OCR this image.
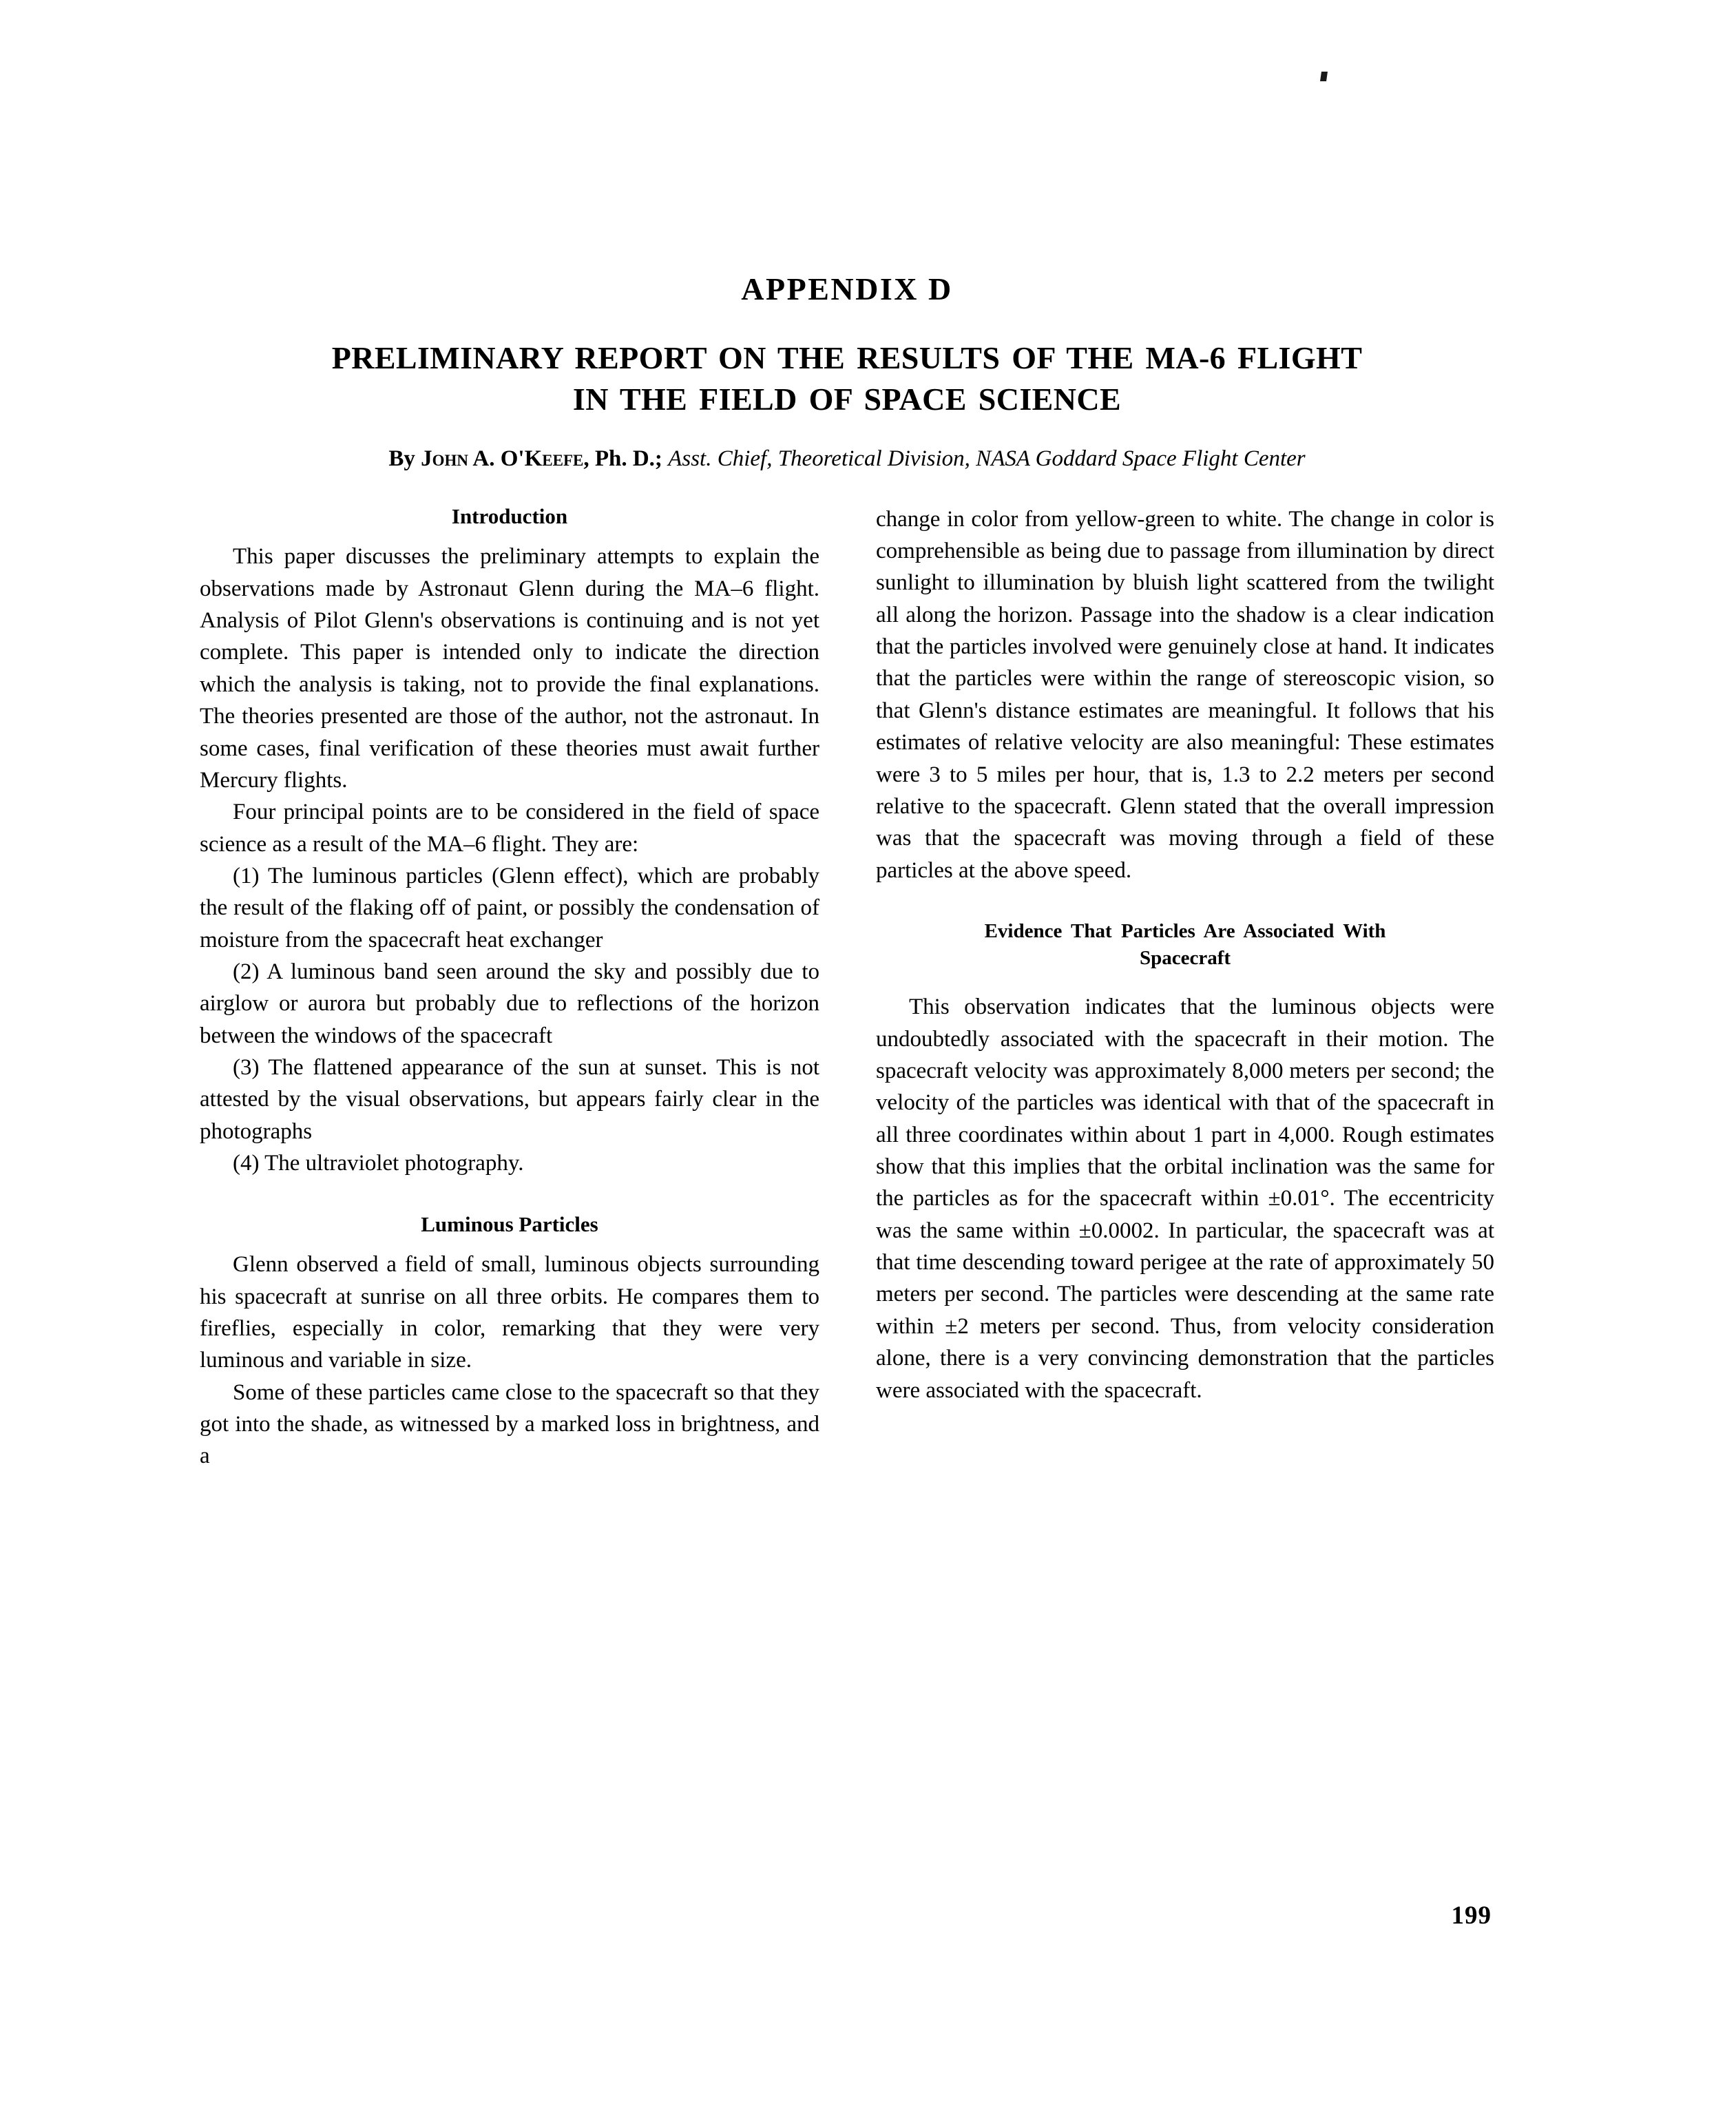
APPENDIX D
PRELIMINARY REPORT ON THE RESULTS OF THE MA-6 FLIGHT
IN THE FIELD OF SPACE SCIENCE
By John A. O'Keefe, Ph. D.; Asst. Chief, Theoretical Division, NASA Goddard Space Flight Center
Introduction

This paper discusses the preliminary attempts to explain the observations made by Astronaut Glenn during the MA–6 flight. Analysis of Pilot Glenn's observations is continuing and is not yet complete. This paper is intended only to indicate the direction which the analysis is taking, not to provide the final explanations. The theories presented are those of the author, not the astronaut. In some cases, final verification of these theories must await further Mercury flights.

Four principal points are to be considered in the field of space science as a result of the MA–6 flight. They are:

(1) The luminous particles (Glenn effect), which are probably the result of the flaking off of paint, or possibly the condensation of moisture from the spacecraft heat exchanger

(2) A luminous band seen around the sky and possibly due to airglow or aurora but probably due to reflections of the horizon between the windows of the spacecraft

(3) The flattened appearance of the sun at sunset. This is not attested by the visual observations, but appears fairly clear in the photographs

(4) The ultraviolet photography.

Luminous Particles

Glenn observed a field of small, luminous objects surrounding his spacecraft at sunrise on all three orbits. He compares them to fireflies, especially in color, remarking that they were very luminous and variable in size.

Some of these particles came close to the spacecraft so that they got into the shade, as witnessed by a marked loss in brightness, and a

change in color from yellow-green to white. The change in color is comprehensible as being due to passage from illumination by direct sunlight to illumination by bluish light scattered from the twilight all along the horizon. Passage into the shadow is a clear indication that the particles involved were genuinely close at hand. It indicates that the particles were within the range of stereoscopic vision, so that Glenn's distance estimates are meaningful. It follows that his estimates of relative velocity are also meaningful: These estimates were 3 to 5 miles per hour, that is, 1.3 to 2.2 meters per second relative to the spacecraft. Glenn stated that the overall impression was that the spacecraft was moving through a field of these particles at the above speed.

Evidence That Particles Are Associated With
Spacecraft

This observation indicates that the luminous objects were undoubtedly associated with the spacecraft in their motion. The spacecraft velocity was approximately 8,000 meters per second; the velocity of the particles was identical with that of the spacecraft in all three coordinates within about 1 part in 4,000. Rough estimates show that this implies that the orbital inclination was the same for the particles as for the spacecraft within ±0.01°. The eccentricity was the same within ±0.0002. In particular, the spacecraft was at that time descending toward perigee at the rate of approximately 50 meters per second. The particles were descending at the same rate within ±2 meters per second. Thus, from velocity consideration alone, there is a very convincing demonstration that the particles were associated with the spacecraft.

199
